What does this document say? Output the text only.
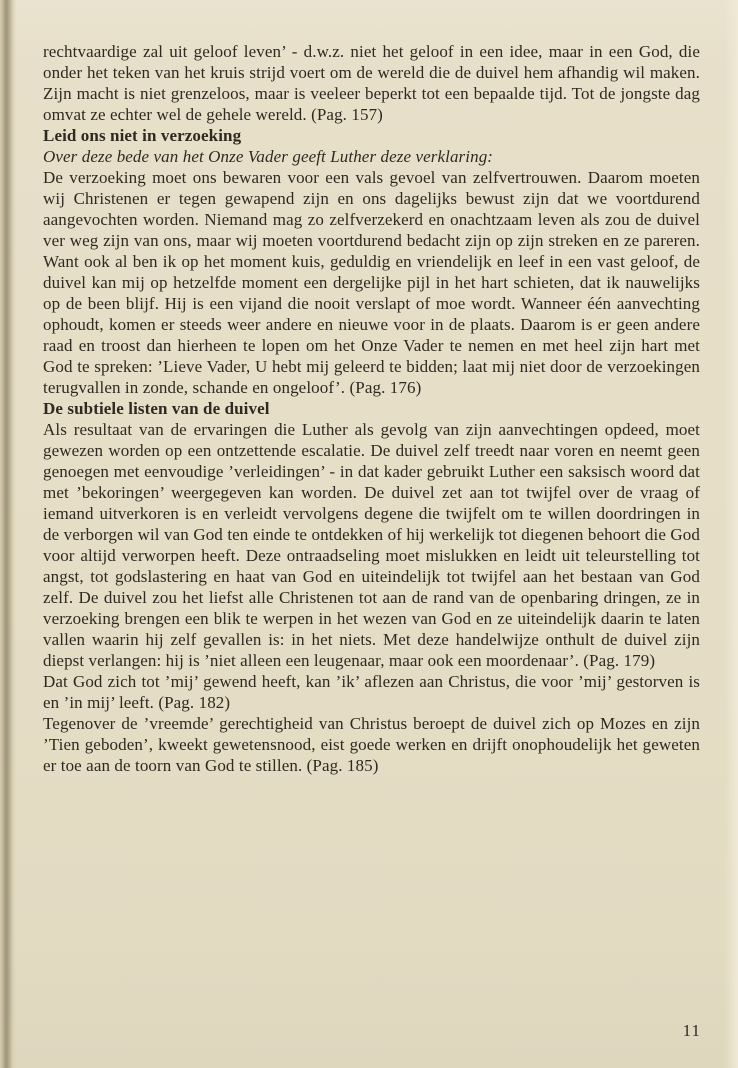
rechtvaardige zal uit geloof leven’ - d.w.z. niet het geloof in een idee, maar in een God, die onder het teken van het kruis strijd voert om de wereld die de duivel hem afhandig wil maken. Zijn macht is niet grenzeloos, maar is veeleer beperkt tot een bepaalde tijd. Tot de jongste dag omvat ze echter wel de gehele wereld. (Pag. 157)

Leid ons niet in verzoeking

Over deze bede van het Onze Vader geeft Luther deze verklaring:

De verzoeking moet ons bewaren voor een vals gevoel van zelfvertrouwen. Daarom moeten wij Christenen er tegen gewapend zijn en ons dagelijks bewust zijn dat we voortdurend aangevochten worden. Niemand mag zo zelfverzekerd en onachtzaam leven als zou de duivel ver weg zijn van ons, maar wij moeten voortdurend bedacht zijn op zijn streken en ze pareren. Want ook al ben ik op het moment kuis, geduldig en vriendelijk en leef in een vast geloof, de duivel kan mij op hetzelfde moment een dergelijke pijl in het hart schieten, dat ik nauwelijks op de been blijf. Hij is een vijand die nooit verslapt of moe wordt. Wanneer één aanvechting ophoudt, komen er steeds weer andere en nieuwe voor in de plaats. Daarom is er geen andere raad en troost dan hierheen te lopen om het Onze Vader te nemen en met heel zijn hart met God te spreken: ’Lieve Vader, U hebt mij geleerd te bidden; laat mij niet door de verzoekingen terugvallen in zonde, schande en ongeloof’. (Pag. 176)

De subtiele listen van de duivel

Als resultaat van de ervaringen die Luther als gevolg van zijn aanvechtingen opdeed, moet gewezen worden op een ontzettende escalatie. De duivel zelf treedt naar voren en neemt geen genoegen met eenvoudige ’verleidingen’ - in dat kader gebruikt Luther een saksisch woord dat met ’bekoringen’ weergegeven kan worden. De duivel zet aan tot twijfel over de vraag of iemand uitverkoren is en verleidt vervolgens degene die twijfelt om te willen doordringen in de verborgen wil van God ten einde te ontdekken of hij werkelijk tot diegenen behoort die God voor altijd verworpen heeft. Deze ontraadseling moet mislukken en leidt uit teleurstelling tot angst, tot godslastering en haat van God en uiteindelijk tot twijfel aan het bestaan van God zelf. De duivel zou het liefst alle Christenen tot aan de rand van de openbaring dringen, ze in verzoeking brengen een blik te werpen in het wezen van God en ze uiteindelijk daarin te laten vallen waarin hij zelf gevallen is: in het niets. Met deze handelwijze onthult de duivel zijn diepst verlangen: hij is ’niet alleen een leugenaar, maar ook een moordenaar’. (Pag. 179)

Dat God zich tot ’mij’ gewend heeft, kan ’ik’ aflezen aan Christus, die voor ’mij’ gestorven is en ’in mij’ leeft. (Pag. 182)

Tegenover de ’vreemde’ gerechtigheid van Christus beroept de duivel zich op Mozes en zijn ’Tien geboden’, kweekt gewetensnood, eist goede werken en drijft onophoudelijk het geweten er toe aan de toorn van God te stillen. (Pag. 185)

11
